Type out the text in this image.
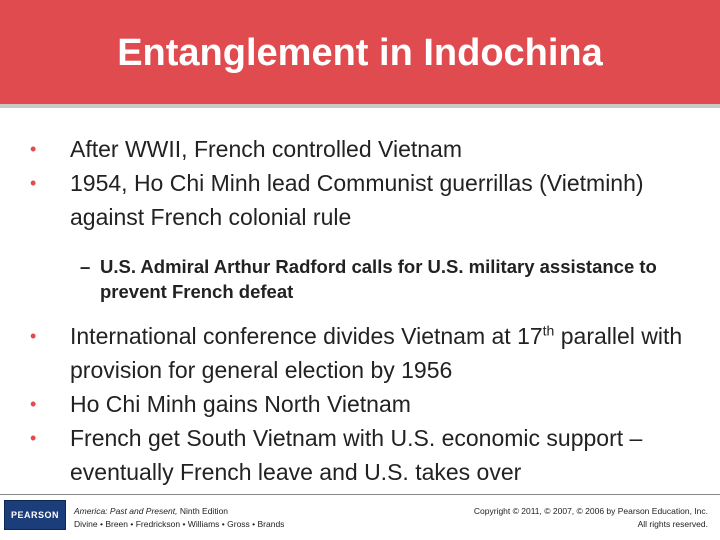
Entanglement in Indochina
• After WWII, French controlled Vietnam
• 1954, Ho Chi Minh lead Communist guerrillas (Vietminh) against French colonial rule
– U.S. Admiral Arthur Radford calls for U.S. military assistance to prevent French defeat
• International conference divides Vietnam at 17th parallel with provision for general election by 1956
• Ho Chi Minh gains North Vietnam
• French get South Vietnam with U.S. economic support – eventually French leave and U.S. takes over
PEARSON America: Past and Present, Ninth Edition
Divine • Breen • Fredrickson • Williams • Gross • Brands
Copyright © 2011, © 2007, © 2006 by Pearson Education, Inc.
All rights reserved.
